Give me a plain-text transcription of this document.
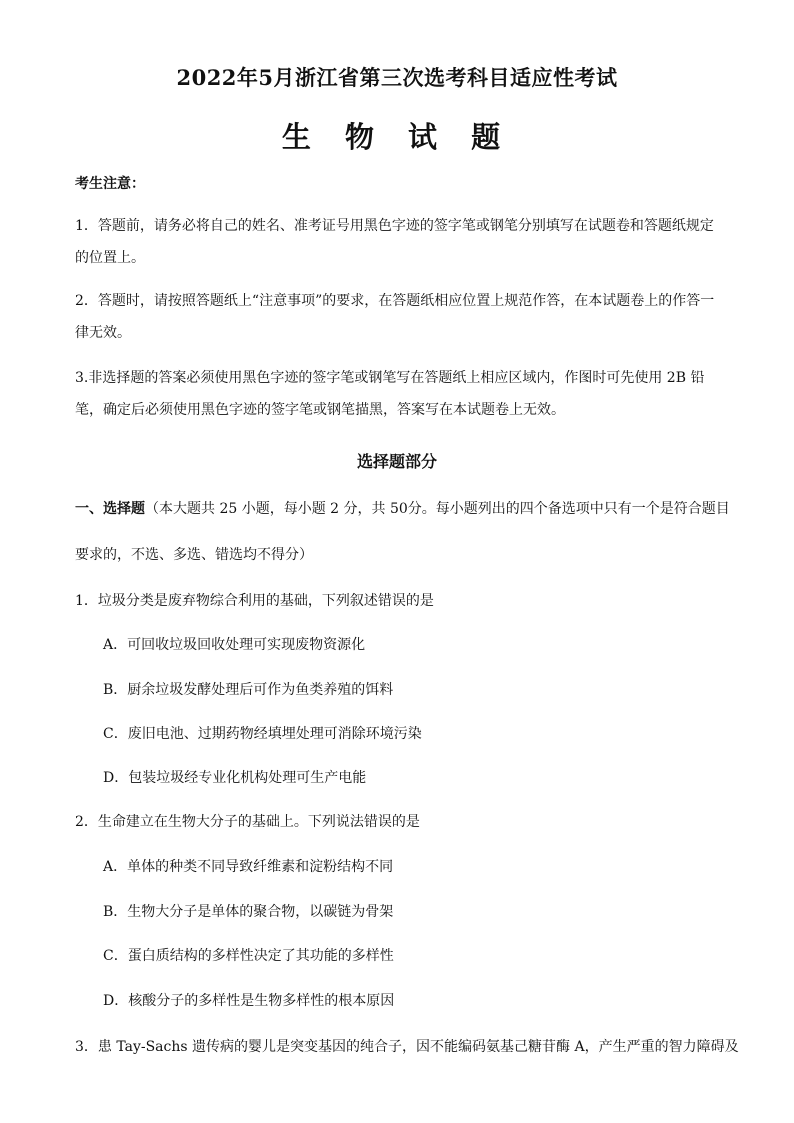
2022年5月浙江省第三次选考科目适应性考试
生 物 试 题
考生注意：
1．答题前，请务必将自己的姓名、准考证号用黑色字迹的签字笔或钢笔分别填写在试题卷和答题纸规定的位置上。
2．答题时，请按照答题纸上“注意事项”的要求，在答题纸相应位置上规范作答，在本试题卷上的作答一律无效。
3.非选择题的答案必须使用黑色字迹的签字笔或钢笔写在答题纸上相应区域内，作图时可先使用 2B 铅笔，确定后必须使用黑色字迹的签字笔或钢笔描黑，答案写在本试题卷上无效。
选择题部分
一、选择题（本大题共 25 小题，每小题 2 分，共 50分。每小题列出的四个备选项中只有一个是符合题目
要求的，不选、多选、错选均不得分）
1．垃圾分类是废弃物综合利用的基础，下列叙述错误的是
A．可回收垃圾回收处理可实现废物资源化
B．厨余垃圾发酵处理后可作为鱼类养殖的饵料
C．废旧电池、过期药物经填埋处理可消除环境污染
D．包装垃圾经专业化机构处理可生产电能
2．生命建立在生物大分子的基础上。下列说法错误的是
A．单体的种类不同导致纤维素和淀粉结构不同
B．生物大分子是单体的聚合物，以碳链为骨架
C．蛋白质结构的多样性决定了其功能的多样性
D．核酸分子的多样性是生物多样性的根本原因
3．患 Tay-Sachs 遗传病的婴儿是突变基因的纯合子，因不能编码氨基己糖苷酶 A，产生严重的智力障碍及
